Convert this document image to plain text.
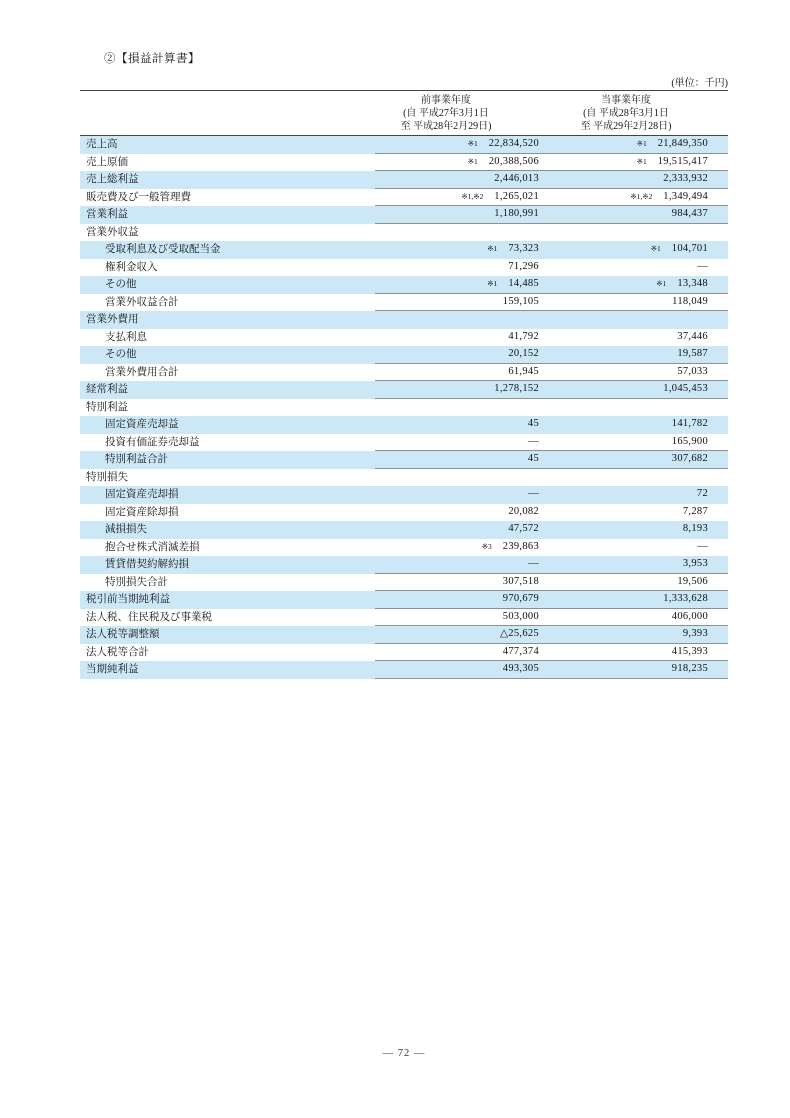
②【損益計算書】
(単位：千円)
前事業年度
(自 平成27年3月1日
至 平成28年2月29日)
当事業年度
(自 平成28年3月1日
至 平成29年2月28日)
売上高	※1 22,834,520	※1 21,849,350
売上原価	※1 20,388,506	※1 19,515,417
売上総利益	2,446,013	2,333,932
販売費及び一般管理費	※1,※2 1,265,021	※1,※2 1,349,494
営業利益	1,180,991	984,437
営業外収益
受取利息及び受取配当金	※1 73,323	※1 104,701
権利金収入	71,296	—
その他	※1 14,485	※1 13,348
営業外収益合計	159,105	118,049
営業外費用
支払利息	41,792	37,446
その他	20,152	19,587
営業外費用合計	61,945	57,033
経常利益	1,278,152	1,045,453
特別利益
固定資産売却益	45	141,782
投資有価証券売却益	—	165,900
特別利益合計	45	307,682
特別損失
固定資産売却損	—	72
固定資産除却損	20,082	7,287
減損損失	47,572	8,193
抱合せ株式消滅差損	※3 239,863	—
賃貸借契約解約損	—	3,953
特別損失合計	307,518	19,506
税引前当期純利益	970,679	1,333,628
法人税、住民税及び事業税	503,000	406,000
法人税等調整額	△25,625	9,393
法人税等合計	477,374	415,393
当期純利益	493,305	918,235
— 72 —
